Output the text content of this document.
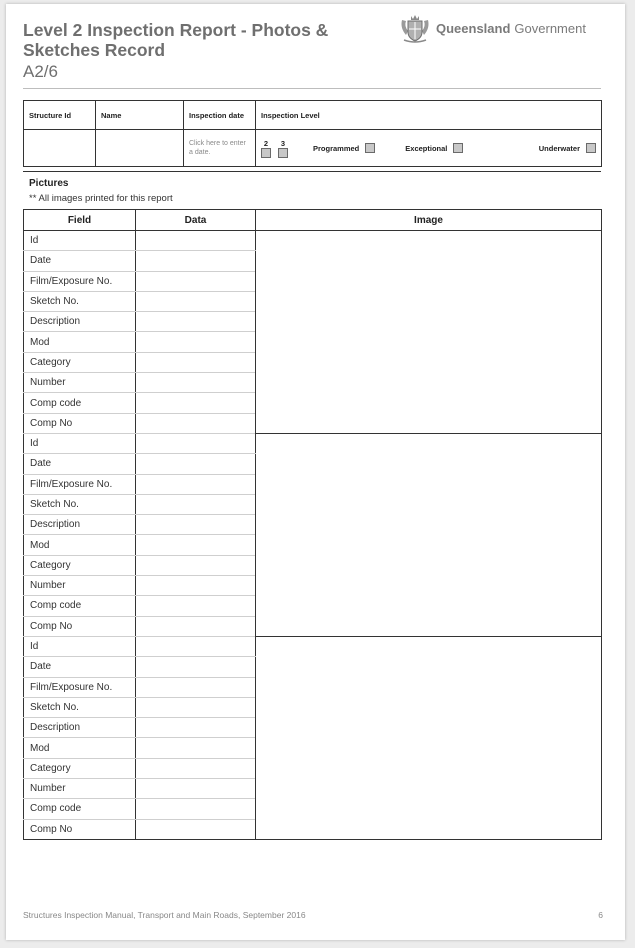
Level 2 Inspection Report - Photos & Sketches Record
A2/6
Queensland Government
Structure Id	Name	Inspection date	Inspection Level
		Click here to enter a date.	2 3
Programmed Exceptional Underwater
Pictures
** All images printed for this report
Field	Data	Image
Id		
Date		
Film/Exposure No.		
Sketch No.		
Description		
Mod		
Category		
Number		
Comp code		
Comp No		
Id		
Date		
Film/Exposure No.		
Sketch No.		
Description		
Mod		
Category		
Number		
Comp code		
Comp No		
Id		
Date		
Film/Exposure No.		
Sketch No.		
Description		
Mod		
Category		
Number		
Comp code		
Comp No		
Structures Inspection Manual, Transport and Main Roads, September 2016	6
